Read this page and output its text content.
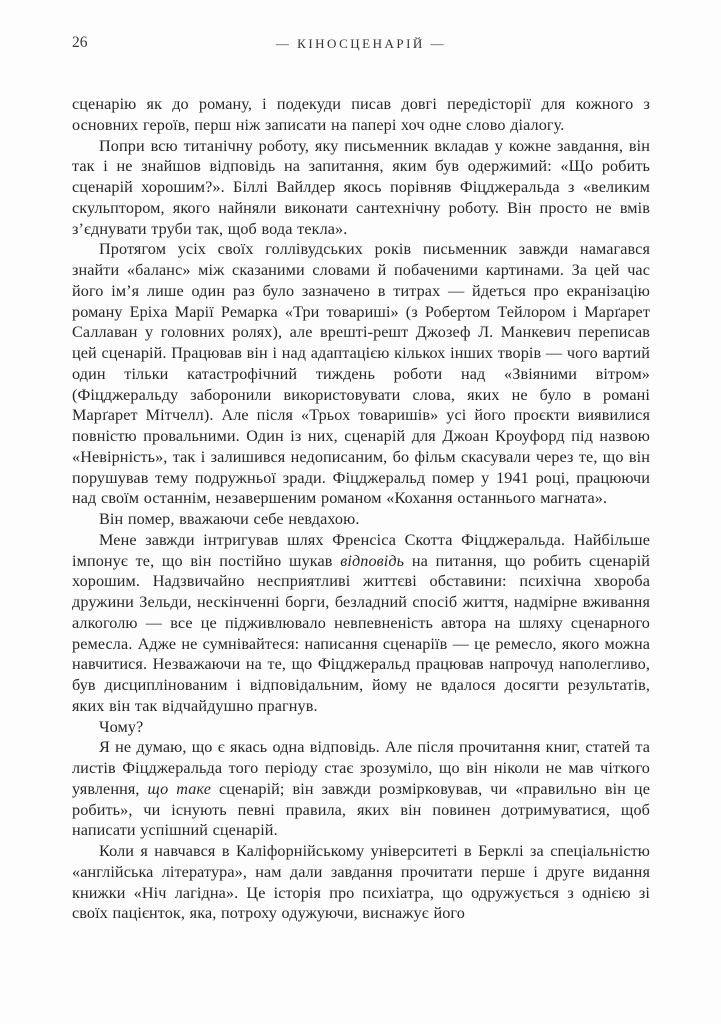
26	— КІНОСЦЕНАРІЙ —

сценарію як до роману, і подекуди писав довгі передісторії для кожного з основних героїв, перш ніж записати на папері хоч одне слово діалогу.

Попри всю титанічну роботу, яку письменник вкладав у кожне завдання, він так і не знайшов відповідь на запитання, яким був одержимий: «Що робить сценарій хорошим?». Біллі Вайлдер якось порівняв Фіцджеральда з «великим скульптором, якого найняли виконати сантехнічну роботу. Він просто не вмів з’єднувати труби так, щоб вода текла».

Протягом усіх своїх голлівудських років письменник завжди намагався знайти «баланс» між сказаними словами й побаченими картинами. За цей час його ім’я лише один раз було зазначено в титрах — йдеться про екранізацію роману Еріха Марії Ремарка «Три товариші» (з Робертом Тейлором і Марґарет Саллаван у головних ролях), але врешті-решт Джозеф Л. Манкевич переписав цей сценарій. Працював він і над адаптацією кількох інших творів — чого вартий один тільки катастрофічний тиждень роботи над «Звіяними вітром» (Фіцджеральду заборонили використовувати слова, яких не було в романі Марґарет Мітчелл). Але після «Трьох товаришів» усі його проєкти виявилися повністю провальними. Один із них, сценарій для Джоан Кроуфорд під назвою «Невірність», так і залишився недописаним, бо фільм скасували через те, що він порушував тему подружньої зради. Фіцджеральд помер у 1941 році, працюючи над своїм останнім, незавершеним романом «Кохання останнього магната».

Він помер, вважаючи себе невдахою.

Мене завжди інтригував шлях Френсіса Скотта Фіцджеральда. Найбільше імпонує те, що він постійно шукав відповідь на питання, що робить сценарій хорошим. Надзвичайно несприятливі життєві обставини: психічна хвороба дружини Зельди, нескінченні борги, безладний спосіб життя, надмірне вживання алкоголю — все це підживлювало невпевненість автора на шляху сценарного ремесла. Адже не сумнівайтеся: написання сценаріїв — це ремесло, якого можна навчитися. Незважаючи на те, що Фіцджеральд працював напрочуд наполегливо, був дисциплінованим і відповідальним, йому не вдалося досягти результатів, яких він так відчайдушно прагнув.

Чому?

Я не думаю, що є якась одна відповідь. Але після прочитання книг, статей та листів Фіцджеральда того періоду стає зрозуміло, що він ніколи не мав чіткого уявлення, що таке сценарій; він завжди розмірковував, чи «правильно він це робить», чи існують певні правила, яких він повинен дотримуватися, щоб написати успішний сценарій.

Коли я навчався в Каліфорнійському університеті в Берклі за спеціальністю «англійська література», нам дали завдання прочитати перше і друге видання книжки «Ніч лагідна». Це історія про психіатра, що одружується з однією зі своїх пацієнток, яка, потроху одужуючи, виснажує його
